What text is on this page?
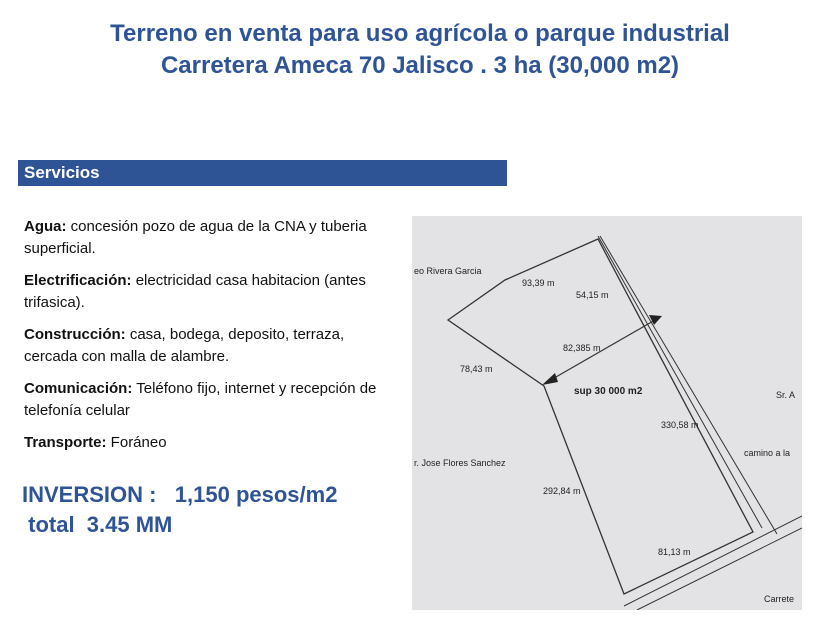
Terreno en venta para uso agrícola o parque industrial
Carretera Ameca 70 Jalisco . 3 ha (30,000 m2)
Servicios
Agua: concesión pozo de agua de la CNA y tuberia superficial.
Electrificación: electricidad casa habitacion (antes trifasica).
Construcción: casa, bodega, deposito, terraza, cercada con malla de alambre.
Comunicación: Teléfono fijo, internet y recepción de telefonía celular
Transporte: Foráneo
INVERSION :   1,150 pesos/m2
total  3.45 MM
eo Rivera Garcia
r. Jose Flores Sanchez
Sr. A
camino a la
Carrete
93,39 m
54,15 m
82,385 m
78,43 m
sup 30 000 m2
330,58 m
292,84 m
81,13 m
